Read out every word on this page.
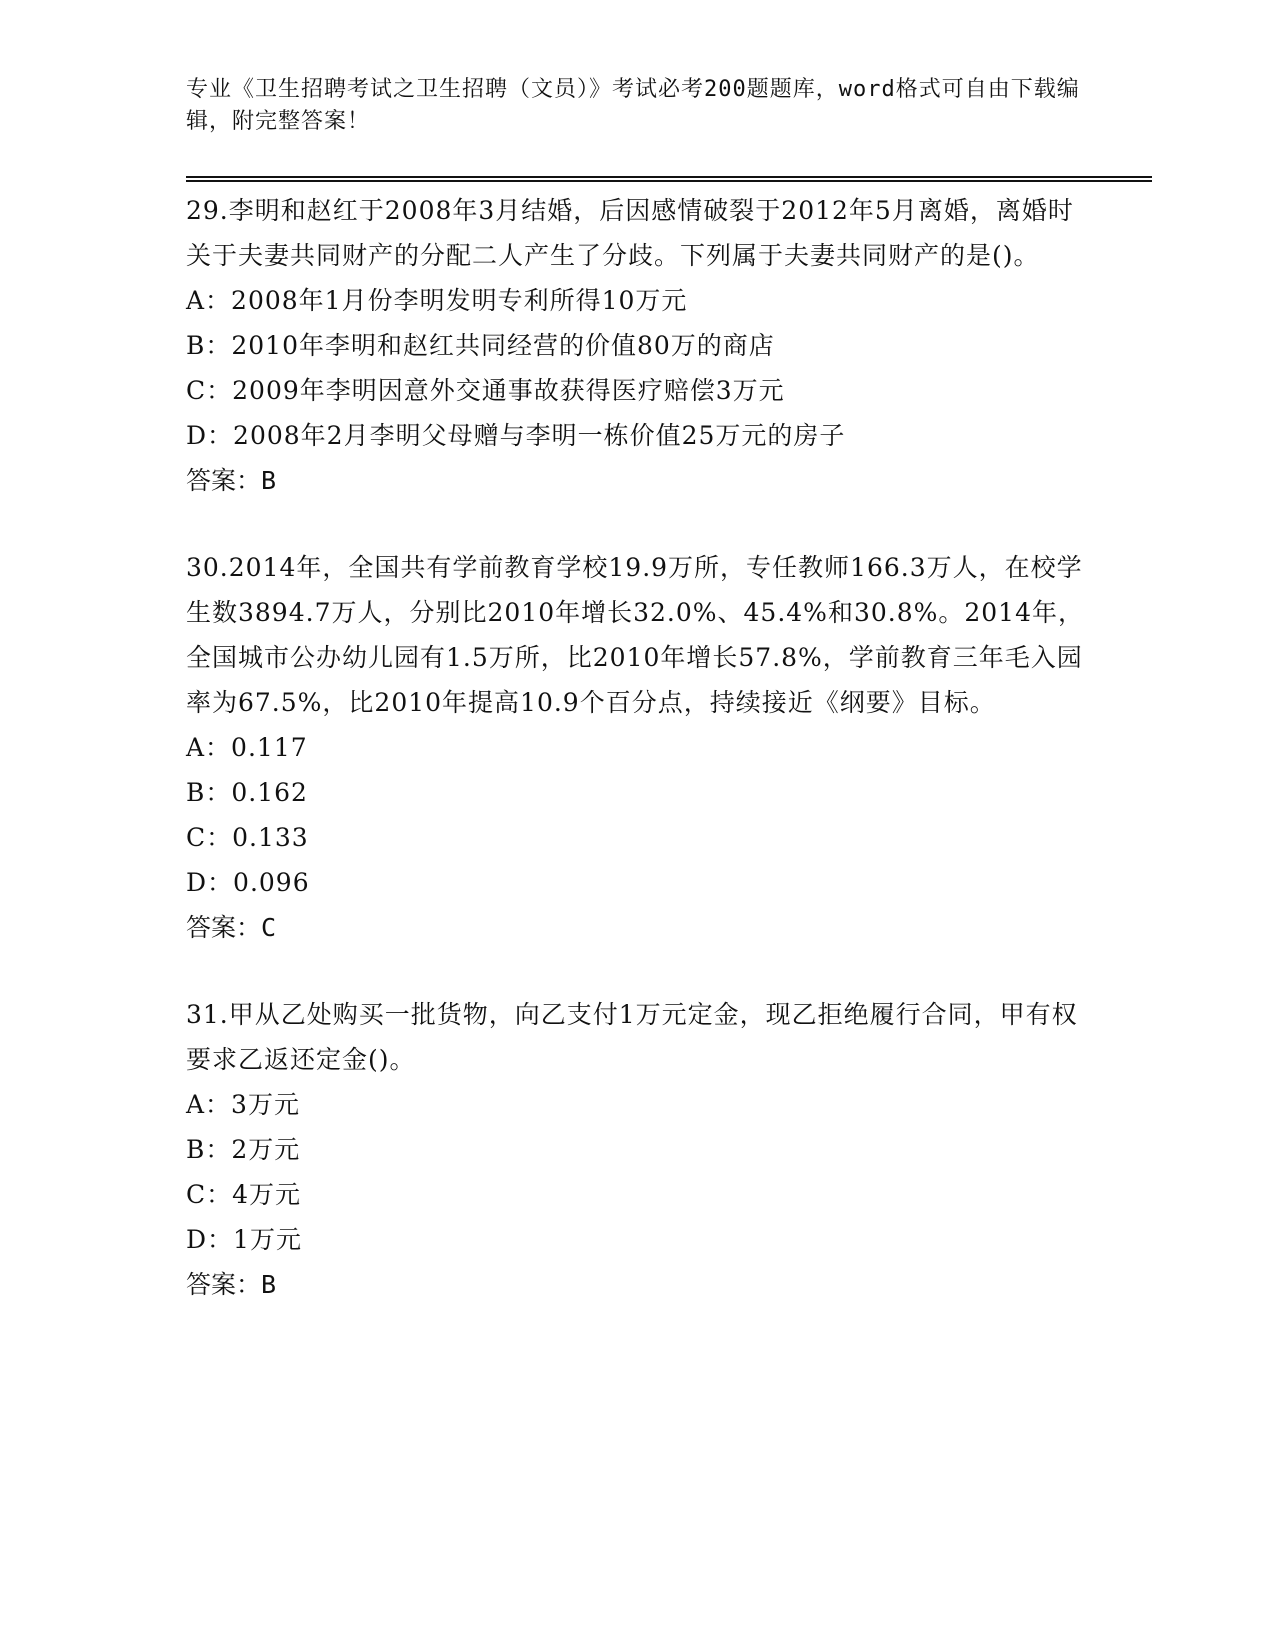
专业《卫生招聘考试之卫生招聘（文员）》考试必考200题题库，word格式可自由下载编辑，附完整答案！

29.李明和赵红于2008年3月结婚，后因感情破裂于2012年5月离婚，离婚时关于夫妻共同财产的分配二人产生了分歧。下列属于夫妻共同财产的是()。

A：2008年1月份李明发明专利所得10万元

B：2010年李明和赵红共同经营的价值80万的商店

C：2009年李明因意外交通事故获得医疗赔偿3万元

D：2008年2月李明父母赠与李明一栋价值25万元的房子

答案：B

30.2014年，全国共有学前教育学校19.9万所，专任教师166.3万人，在校学生数3894.7万人，分别比2010年增长32.0%、45.4%和30.8%。2014年，全国城市公办幼儿园有1.5万所，比2010年增长57.8%，学前教育三年毛入园率为67.5%，比2010年提高10.9个百分点，持续接近《纲要》目标。

A：0.117

B：0.162

C：0.133

D：0.096

答案：C

31.甲从乙处购买一批货物，向乙支付1万元定金，现乙拒绝履行合同，甲有权要求乙返还定金()。

A：3万元

B：2万元

C：4万元

D：1万元

答案：B
